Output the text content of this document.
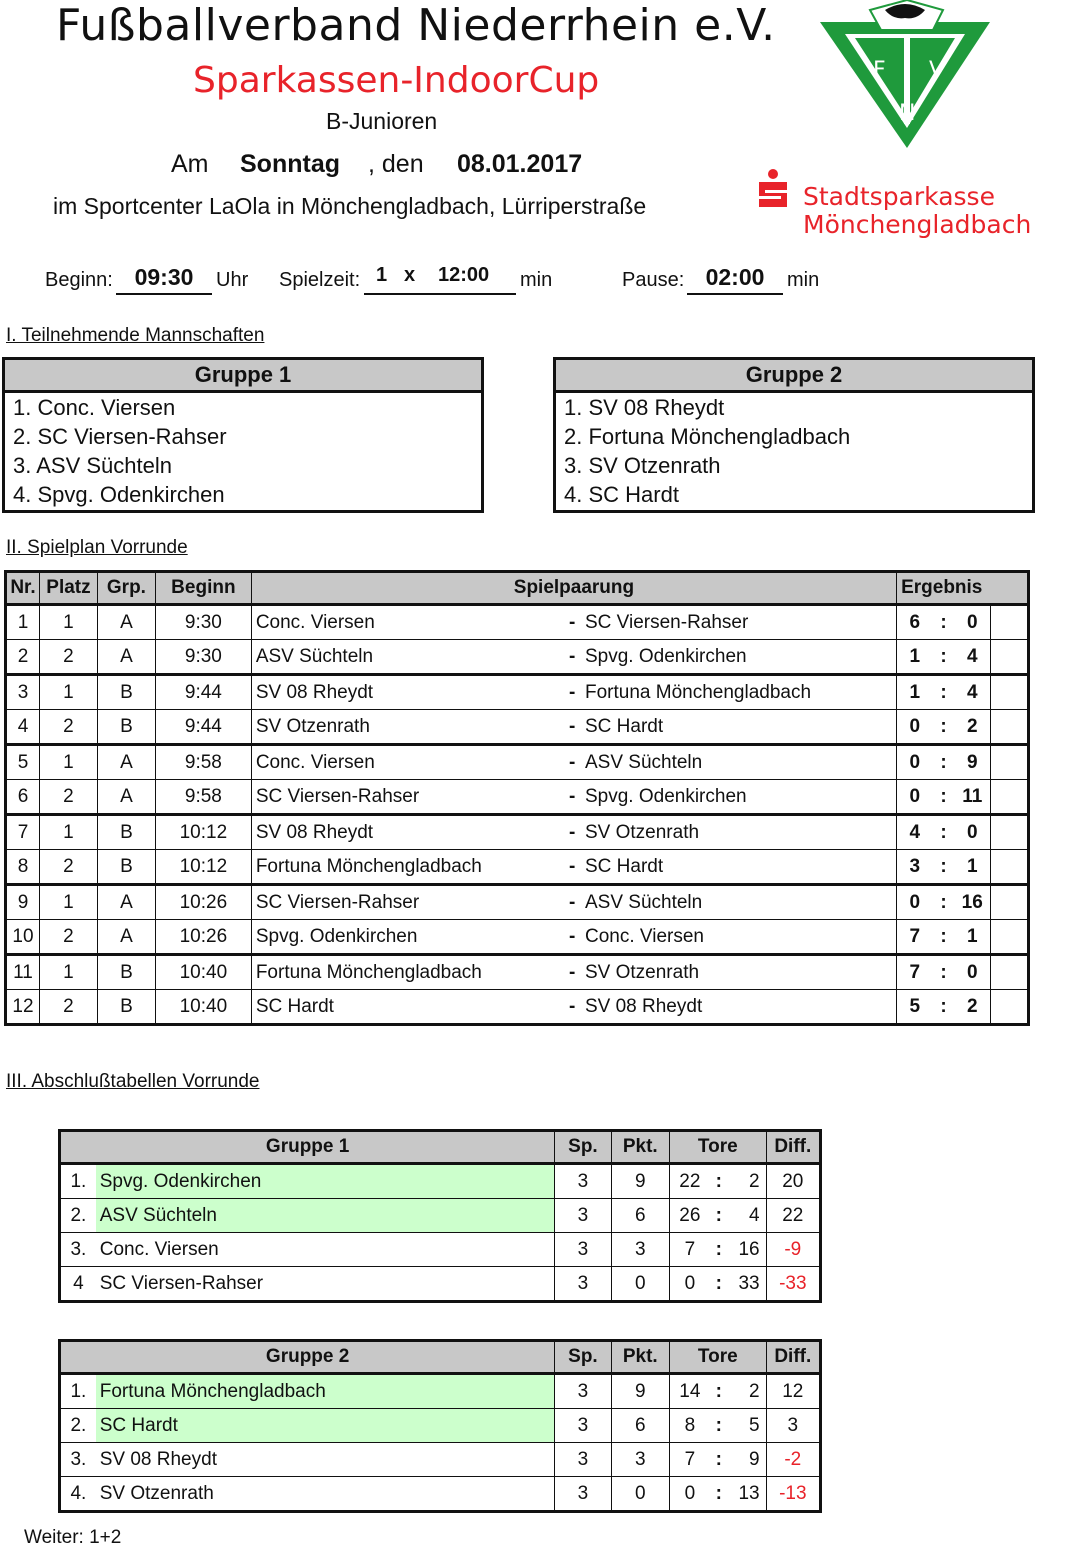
Fußballverband Niederrhein e.V.
Sparkassen-IndoorCup
B-Junioren
Am Sonntag , den 08.01.2017
im Sportcenter LaOla in Mönchengladbach, Lürriperstraße
F V
N
Stadtsparkasse
Mönchengladbach
Beginn: 09:30	Uhr Spielzeit: 1 x 12:00 min	Pause: 02:00	min
I. Teilnehmende Mannschaften
Gruppe 1
1. Conc. Viersen
2. SC Viersen-Rahser
3. ASV Süchteln
4. Spvg. Odenkirchen
Gruppe 2
1. SV 08 Rheydt
2. Fortuna Mönchengladbach
3. SV Otzenrath
4. SC Hardt
II. Spielplan Vorrunde
Nr.	Platz	Grp.	Beginn	Spielpaarung		Ergebnis			
1	1	A	9:30	Conc. Viersen	- SC Viersen-Rahser	6	:	0	
2	2	A	9:30	ASV Süchteln	- Spvg. Odenkirchen	1	:	4	
3	1	B	9:44	SV 08 Rheydt	- Fortuna Mönchengladbach	1	:	4	
4	2	B	9:44	SV Otzenrath	- SC Hardt	0	:	2	
5	1	A	9:58	Conc. Viersen	- ASV Süchteln	0	:	9	
6	2	A	9:58	SC Viersen-Rahser	- Spvg. Odenkirchen	0	:	11	
7	1	B	10:12	SV 08 Rheydt	- SV Otzenrath	4	:	0	
8	2	B	10:12	Fortuna Mönchengladbach	- SC Hardt	3	:	1	
9	1	A	10:26	SC Viersen-Rahser	- ASV Süchteln	0	:	16	
10	2	A	10:26	Spvg. Odenkirchen	- Conc. Viersen	7	:	1	
11	1	B	10:40	Fortuna Mönchengladbach	- SV Otzenrath	7	:	0	
12	2	B	10:40	SC Hardt	- SV 08 Rheydt	5	:	2	
III. Abschlußtabellen Vorrunde
Gruppe 1		Sp.	Pkt.	Tore			Diff.
1.	Spvg. Odenkirchen	3	9	22	:	2	20
2.	ASV Süchteln	3	6	26	:	4	22
3.	Conc. Viersen	3	3	7	:	16	-9
4	SC Viersen-Rahser	3	0	0	:	33	-33
Gruppe 2		Sp.	Pkt.	Tore			Diff.
1.	Fortuna Mönchengladbach	3	9	14	:	2	12
2.	SC Hardt	3	6	8	:	5	3
3.	SV 08 Rheydt	3	3	7	:	9	-2
4.	SV Otzenrath	3	0	0	:	13	-13
Weiter: 1+2
